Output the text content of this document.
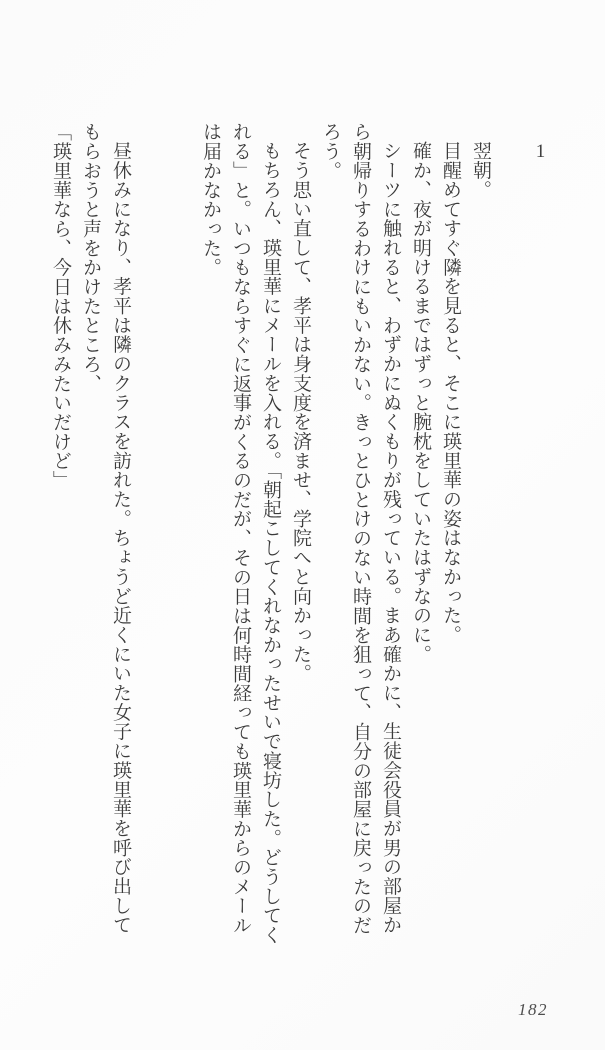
1

翌朝。
目醒めてすぐ隣を見ると、そこに瑛里華の姿はなかった。
確か、夜が明けるまではずっと腕枕をしていたはずなのに。
シーツに触れると、わずかにぬくもりが残っている。まあ確かに、生徒会役員が男の部屋か
ら朝帰りするわけにもいかない。きっとひとけのない時間を狙って、自分の部屋に戻ったのだ
ろう。
そう思い直して、孝平は身支度を済ませ、学院へと向かった。
もちろん、瑛里華にメールを入れる。「朝起こしてくれなかったせいで寝坊した。どうしてく
れる」と。いつもならすぐに返事がくるのだが、その日は何時間経っても瑛里華からのメール
は届かなかった。

昼休みになり、孝平は隣のクラスを訪れた。ちょうど近くにいた女子に瑛里華を呼び出して
もらおうと声をかけたところ、
「瑛里華なら、今日は休みみたいだけど」
182
